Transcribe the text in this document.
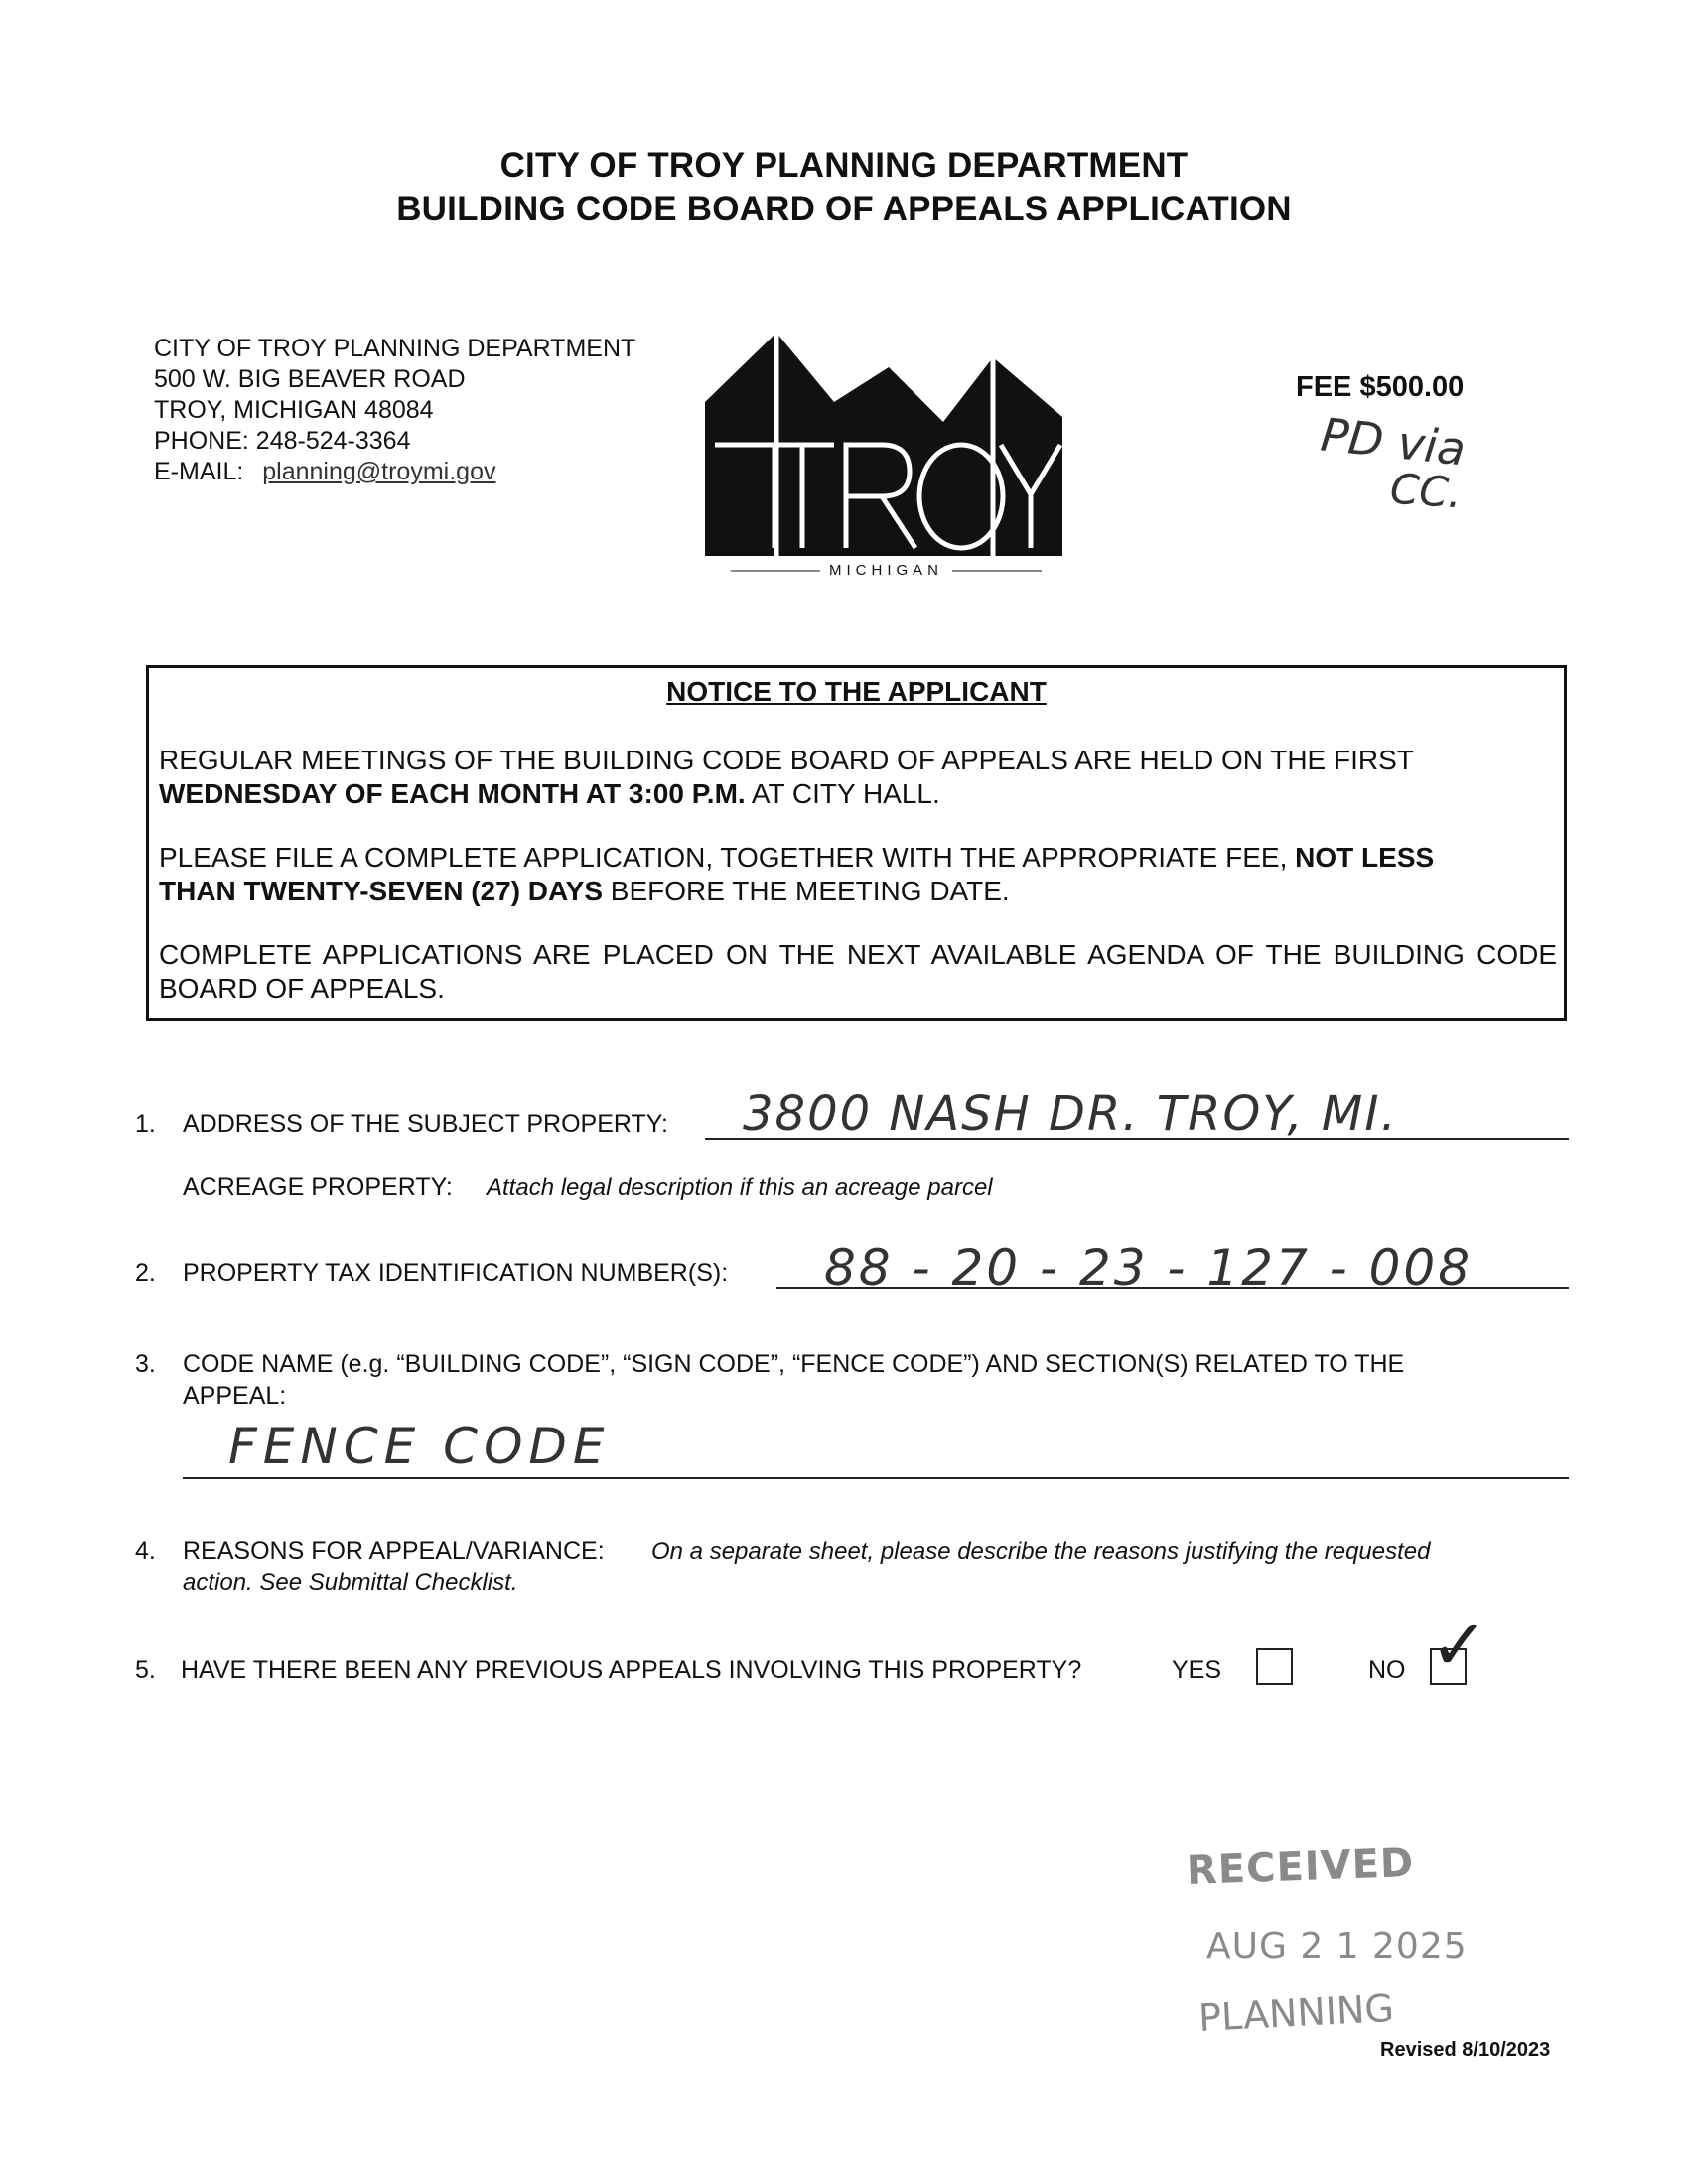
CITY OF TROY PLANNING DEPARTMENT
BUILDING CODE BOARD OF APPEALS APPLICATION
CITY OF TROY PLANNING DEPARTMENT
500 W. BIG BEAVER ROAD
TROY, MICHIGAN 48084
PHONE: 248-524-3364
E-MAIL: planning@troymi.gov
—————— MICHIGAN ——————
FEE $500.00
PD via
CC.
NOTICE TO THE APPLICANT
REGULAR MEETINGS OF THE BUILDING CODE BOARD OF APPEALS ARE HELD ON THE FIRST
WEDNESDAY OF EACH MONTH AT 3:00 P.M. AT CITY HALL.
PLEASE FILE A COMPLETE APPLICATION, TOGETHER WITH THE APPROPRIATE FEE, NOT LESS
THAN TWENTY-SEVEN (27) DAYS BEFORE THE MEETING DATE.
COMPLETE APPLICATIONS ARE PLACED ON THE NEXT AVAILABLE AGENDA OF THE BUILDING CODE BOARD OF APPEALS.
1. ADDRESS OF THE SUBJECT PROPERTY: 3800 NASH DR. TROY, MI.
ACREAGE PROPERTY: Attach legal description if this an acreage parcel
2. PROPERTY TAX IDENTIFICATION NUMBER(S): 88 - 20 - 23 - 127 - 008
3. CODE NAME (e.g. “BUILDING CODE”, “SIGN CODE”, “FENCE CODE”) AND SECTION(S) RELATED TO THE
APPEAL:
FENCE CODE
4. REASONS FOR APPEAL/VARIANCE: On a separate sheet, please describe the reasons justifying the requested
action. See Submittal Checklist.
5. HAVE THERE BEEN ANY PREVIOUS APPEALS INVOLVING THIS PROPERTY?	YES	NO ✓
RECEIVED
AUG 2 1 2025
PLANNING
Revised 8/10/2023
